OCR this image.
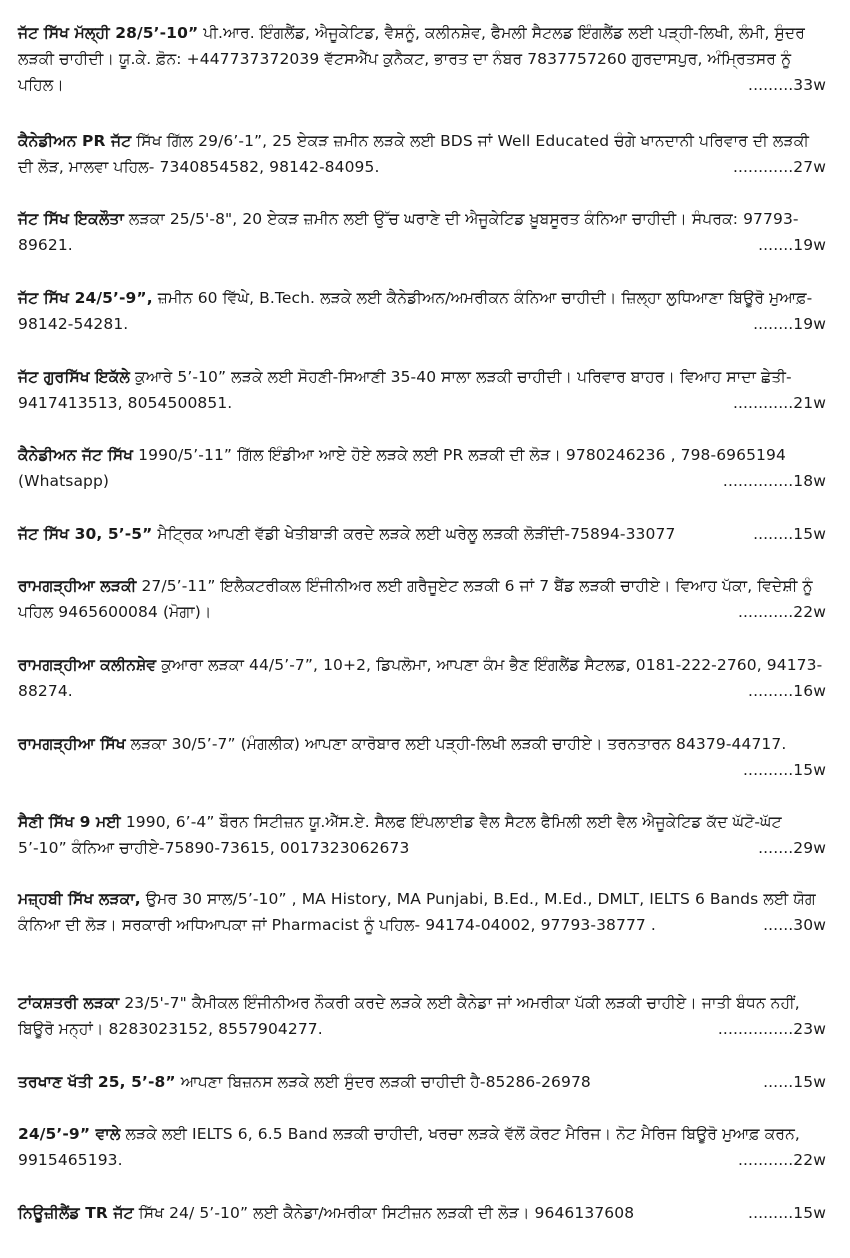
ਜੱਟ ਸਿੱਖ ਮੱਲ੍ਹੀ 28/5’-10” ਪੀ.ਆਰ. ਇੰਗਲੈਂਡ, ਐਜੂਕੇਟਿਡ, ਵੈਸ਼ਨੂੰ, ਕਲੀਨਸ਼ੇਵ, ਫੈਮਲੀ ਸੈਟਲਡ ਇੰਗਲੈਂਡ ਲਈ ਪੜ੍ਹੀ-ਲਿਖੀ, ਲੰਮੀ, ਸੁੰਦਰ ਲੜਕੀ ਚਾਹੀਦੀ। ਯੂ.ਕੇ. ਫ਼ੋਨ: +447737372039 ਵੱਟਸਐੱਪ ਕੁਨੈਕਟ, ਭਾਰਤ ਦਾ ਨੰਬਰ 7837757260 ਗੁਰਦਾਸਪੁਰ, ਅੰਮ੍ਰਿਤਸਰ ਨੂੰ ਪਹਿਲ।	.........33w

ਕੈਨੇਡੀਅਨ PR ਜੱਟ ਸਿੱਖ ਗਿੱਲ 29/6’-1”, 25 ਏਕੜ ਜ਼ਮੀਨ ਲੜਕੇ ਲਈ BDS ਜਾਂ Well Educated ਚੰਗੇ ਖਾਨਦਾਨੀ ਪਰਿਵਾਰ ਦੀ ਲੜਕੀ ਦੀ ਲੋੜ, ਮਾਲਵਾ ਪਹਿਲ- 7340854582, 98142-84095.	............27w

ਜੱਟ ਸਿੱਖ ਇਕਲੌਤਾ ਲੜਕਾ 25/5'-8", 20 ਏਕੜ ਜ਼ਮੀਨ ਲਈ ਉੱਚ ਘਰਾਣੇ ਦੀ ਐਜੂਕੇਟਿਡ ਖ਼ੂਬਸੂਰਤ ਕੰਨਿਆ ਚਾਹੀਦੀ। ਸੰਪਰਕ: 97793-89621.	.......19w

ਜੱਟ ਸਿੱਖ 24/5’-9”, ਜ਼ਮੀਨ 60 ਵਿੱਘੇ, B.Tech. ਲੜਕੇ ਲਈ ਕੈਨੇਡੀਅਨ/ਅਮਰੀਕਨ ਕੰਨਿਆ ਚਾਹੀਦੀ। ਜ਼ਿਲ੍ਹਾ ਲੁਧਿਆਣਾ ਬਿਊਰੋ ਮੁਆਫ਼- 98142-54281.	........19w

ਜੱਟ ਗੁਰਸਿੱਖ ਇਕੱਲੇ ਕੁਆਰੇ 5’-10” ਲੜਕੇ ਲਈ ਸੋਹਣੀ-ਸਿਆਣੀ 35-40 ਸਾਲਾ ਲੜਕੀ ਚਾਹੀਦੀ। ਪਰਿਵਾਰ ਬਾਹਰ। ਵਿਆਹ ਸਾਦਾ ਛੇਤੀ- 9417413513, 8054500851.	............21w

ਕੈਨੇਡੀਅਨ ਜੱਟ ਸਿੱਖ 1990/5’-11” ਗਿੱਲ ਇੰਡੀਆ ਆਏ ਹੋਏ ਲੜਕੇ ਲਈ PR ਲੜਕੀ ਦੀ ਲੋੜ। 9780246236 , 798-6965194 (Whatsapp)	..............18w

ਜੱਟ ਸਿੱਖ 30, 5’-5” ਮੈਟ੍ਰਿਕ ਆਪਣੀ ਵੱਡੀ ਖੇਤੀਬਾੜੀ ਕਰਦੇ ਲੜਕੇ ਲਈ ਘਰੇਲੂ ਲੜਕੀ ਲੋੜੀਂਦੀ-75894-33077	........15w

ਰਾਮਗੜ੍ਹੀਆ ਲੜਕੀ 27/5’-11” ਇਲੈਕਟਰੀਕਲ ਇੰਜੀਨੀਅਰ ਲਈ ਗਰੈਜੂਏਟ ਲੜਕੀ 6 ਜਾਂ 7 ਬੈਂਡ ਲੜਕੀ ਚਾਹੀਏ। ਵਿਆਹ ਪੱਕਾ, ਵਿਦੇਸ਼ੀ ਨੂੰ ਪਹਿਲ 9465600084 (ਮੋਗਾ)।	...........22w

ਰਾਮਗੜ੍ਹੀਆ ਕਲੀਨਸ਼ੇਵ ਕੁਆਰਾ ਲੜਕਾ 44/5’-7”, 10+2, ਡਿਪਲੋਮਾ, ਆਪਣਾ ਕੰਮ ਭੈਣ ਇੰਗਲੈਂਡ ਸੈਟਲਡ, 0181-222-2760, 94173-88274.	.........16w

ਰਾਮਗੜ੍ਹੀਆ ਸਿੱਖ ਲੜਕਾ 30/5’-7” (ਮੰਗਲੀਕ) ਆਪਣਾ ਕਾਰੋਬਾਰ ਲਈ ਪੜ੍ਹੀ-ਲਿਖੀ ਲੜਕੀ ਚਾਹੀਏ। ਤਰਨਤਾਰਨ 84379-44717.
..........15w

ਸੈਣੀ ਸਿੱਖ 9 ਮਈ 1990, 6’-4” ਬੌਰਨ ਸਿਟੀਜ਼ਨ ਯੂ.ਐੱਸ.ਏ. ਸੈਲਫ ਇੰਪਲਾਈਡ ਵੈਲ ਸੈਟਲ ਫੈਮਿਲੀ ਲਈ ਵੈਲ ਐਜੂਕੇਟਿਡ ਕੱਦ ਘੱਟੋ-ਘੱਟ 5’-10” ਕੰਨਿਆ ਚਾਹੀਏ-75890-73615, 0017323062673	.......29w

ਮਜ਼੍ਹਬੀ ਸਿੱਖ ਲੜਕਾ, ਉਮਰ 30 ਸਾਲ/5’-10” , MA History, MA Punjabi, B.Ed., M.Ed., DMLT, IELTS 6 Bands ਲਈ ਯੋਗ ਕੰਨਿਆ ਦੀ ਲੋੜ। ਸਰਕਾਰੀ ਅਧਿਆਪਕਾ ਜਾਂ Pharmacist ਨੂੰ ਪਹਿਲ- 94174-04002, 97793-38777 .	......30w

ਟਾਂਕਸ਼ਤਰੀ ਲੜਕਾ 23/5'-7" ਕੈਮੀਕਲ ਇੰਜੀਨੀਅਰ ਨੌਕਰੀ ਕਰਦੇ ਲੜਕੇ ਲਈ ਕੈਨੇਡਾ ਜਾਂ ਅਮਰੀਕਾ ਪੱਕੀ ਲੜਕੀ ਚਾਹੀਏ। ਜਾਤੀ ਬੰਧਨ ਨਹੀਂ, ਬਿਊਰੋ ਮਨ੍ਹਾਂ। 8283023152, 8557904277.	...............23w

ਤਰਖਾਣ ਖੱਤੀ 25, 5’-8” ਆਪਣਾ ਬਿਜ਼ਨਸ ਲੜਕੇ ਲਈ ਸੁੰਦਰ ਲੜਕੀ ਚਾਹੀਦੀ ਹੈ-85286-26978	......15w

24/5’-9” ਵਾਲੇ ਲੜਕੇ ਲਈ IELTS 6, 6.5 Band ਲੜਕੀ ਚਾਹੀਦੀ, ਖਰਚਾ ਲੜਕੇ ਵੱਲੋਂ ਕੋਰਟ ਮੈਰਿਜ। ਨੋਟ ਮੈਰਿਜ ਬਿਊਰੋ ਮੁਆਫ਼ ਕਰਨ, 9915465193.	...........22w

ਨਿਊਜ਼ੀਲੈਂਡ TR ਜੱਟ ਸਿੱਖ 24/ 5’-10” ਲਈ ਕੈਨੇਡਾ/ਅਮਰੀਕਾ ਸਿਟੀਜ਼ਨ ਲੜਕੀ ਦੀ ਲੋੜ। 9646137608	.........15w
